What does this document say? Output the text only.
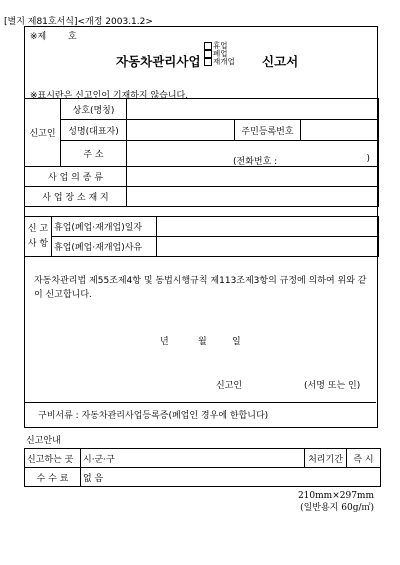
[별지 제81호서식]<개정 2003.1.2>
※제 호
자동차관리사업
휴업
폐업
재개업 신고서
※표시란은 신고인이 기재하지 않습니다.
신고인	상호(명칭)			
	성명(대표자)		주민등록번호	
	주 소	(전화번호 : )		

사 업 의 종 류				
사 업 장 소 재 지				
신 고
사 항	휴업(폐업·재개업)일자	
	휴업(폐업·재개업)사유	
자동차관리법 제55조제4항 및 동법시행규칙 제113조제3항의 규정에 의하여 위와 같이 신고합니다.
년	월	일
신고인	(서명 또는 인)
구비서류 : 자동차관리사업등록증(폐업인 경우에 한합니다)
신고안내
신고하는 곳	시·군·구	처리기간	즉 시
수 수 료	없 음		
210mm×297mm
(일반용지 60g/㎡)
